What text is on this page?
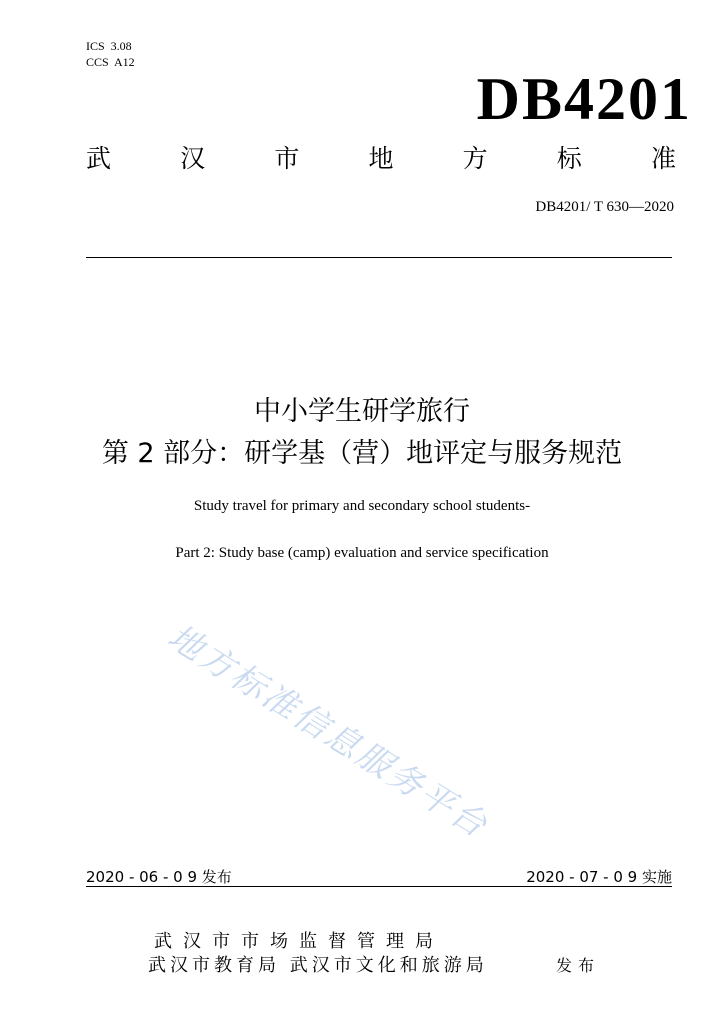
ICS  3.08
CCS  A12
DB4201
武	汉	市	地	方	标	准
DB4201/ T 630—2020
中小学生研学旅行
第 2 部分：研学基（营）地评定与服务规范
Study travel for primary and secondary school students-
Part 2: Study base (camp) evaluation and service specification
地方标准信息服务平台
2020 - 06 - 0 9 发布	2020 - 07 - 0 9 实施
武汉市市场监督管理局
武汉市教育局 武汉市文化和旅游局	发布
